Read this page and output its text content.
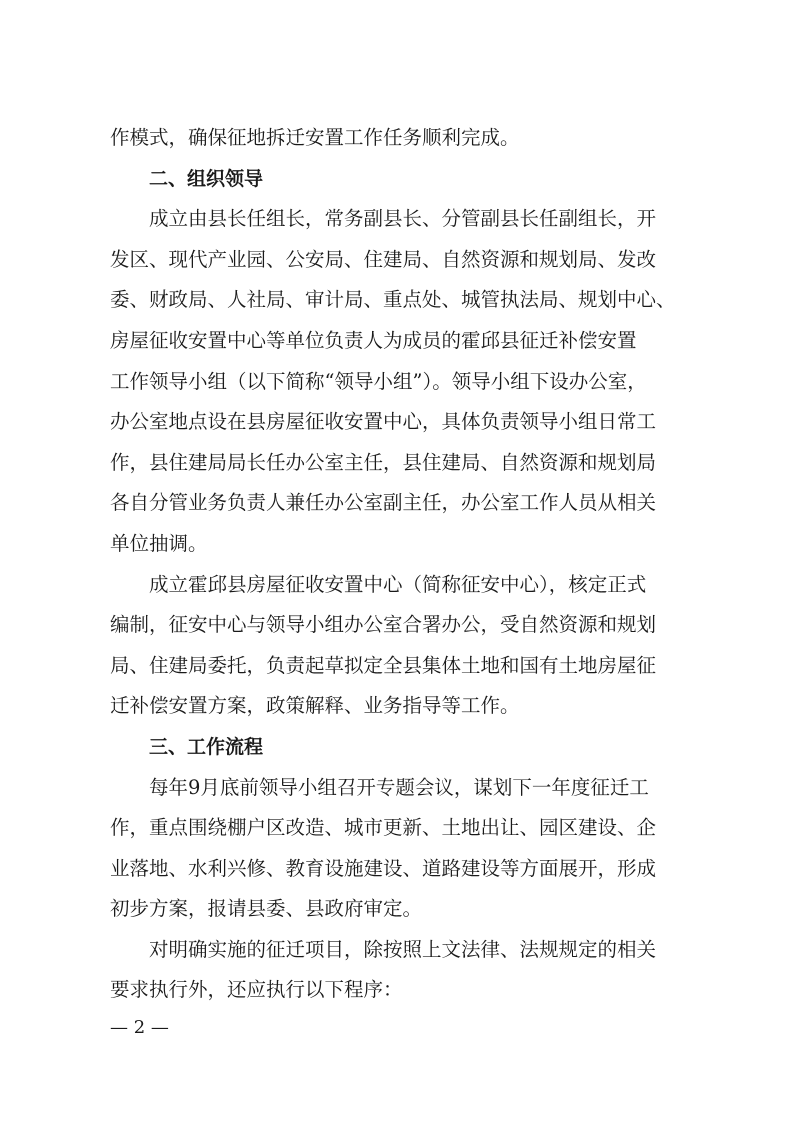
作模式，确保征地拆迁安置工作任务顺利完成。
二、组织领导
成立由县长任组长，常务副县长、分管副县长任副组长，开
发区、现代产业园、公安局、住建局、自然资源和规划局、发改
委、财政局、人社局、审计局、重点处、城管执法局、规划中心、
房屋征收安置中心等单位负责人为成员的霍邱县征迁补偿安置
工作领导小组（以下简称“领导小组”）。领导小组下设办公室，
办公室地点设在县房屋征收安置中心，具体负责领导小组日常工
作，县住建局局长任办公室主任，县住建局、自然资源和规划局
各自分管业务负责人兼任办公室副主任，办公室工作人员从相关
单位抽调。
成立霍邱县房屋征收安置中心（简称征安中心），核定正式
编制，征安中心与领导小组办公室合署办公，受自然资源和规划
局、住建局委托，负责起草拟定全县集体土地和国有土地房屋征
迁补偿安置方案，政策解释、业务指导等工作。
三、工作流程
每年9月底前领导小组召开专题会议，谋划下一年度征迁工
作，重点围绕棚户区改造、城市更新、土地出让、园区建设、企
业落地、水利兴修、教育设施建设、道路建设等方面展开，形成
初步方案，报请县委、县政府审定。
对明确实施的征迁项目，除按照上文法律、法规规定的相关
要求执行外，还应执行以下程序：
— 2 —
